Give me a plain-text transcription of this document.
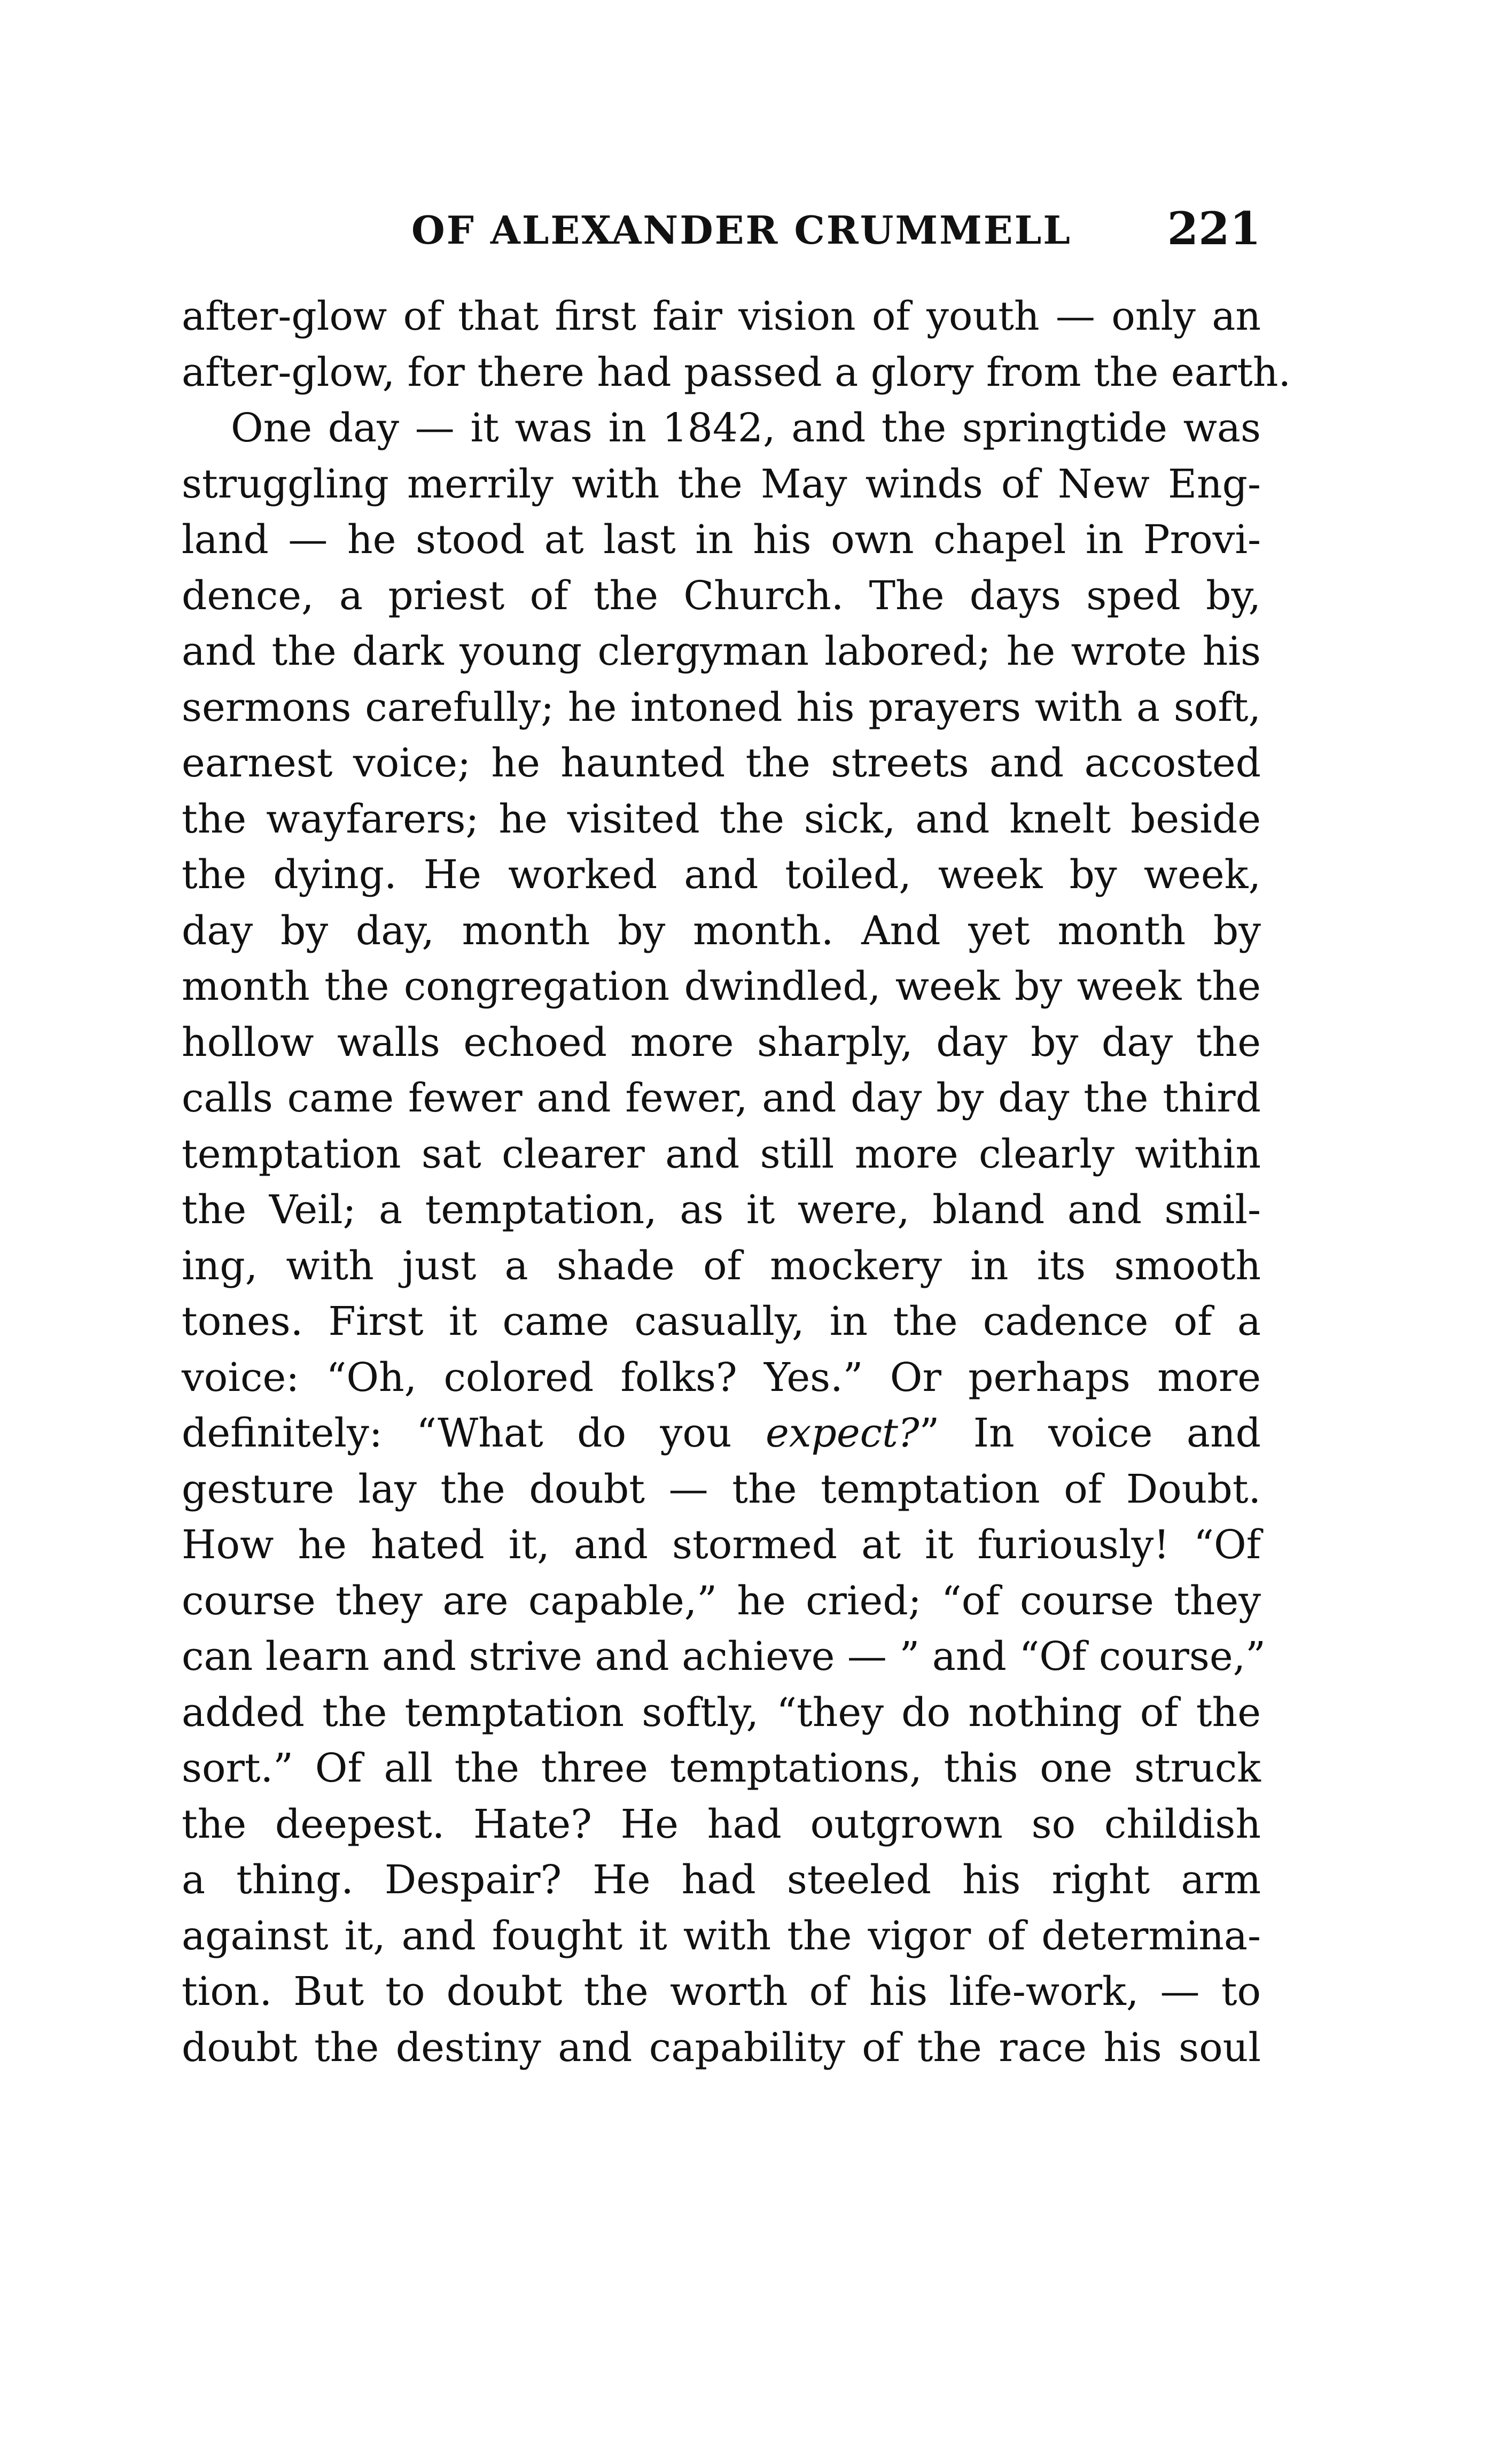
OF ALEXANDER CRUMMELL 221
after-glow of that first fair vision of youth — only an
after-glow, for there had passed a glory from the earth.
One day — it was in 1842, and the springtide was
struggling merrily with the May winds of New Eng-
land — he stood at last in his own chapel in Provi-
dence, a priest of the Church. The days sped by,
and the dark young clergyman labored; he wrote his
sermons carefully; he intoned his prayers with a soft,
earnest voice; he haunted the streets and accosted
the wayfarers; he visited the sick, and knelt beside
the dying. He worked and toiled, week by week,
day by day, month by month. And yet month by
month the congregation dwindled, week by week the
hollow walls echoed more sharply, day by day the
calls came fewer and fewer, and day by day the third
temptation sat clearer and still more clearly within
the Veil; a temptation, as it were, bland and smil-
ing, with just a shade of mockery in its smooth
tones. First it came casually, in the cadence of a
voice: “Oh, colored folks? Yes.” Or perhaps more
definitely: “What do you expect?” In voice and
gesture lay the doubt — the temptation of Doubt.
How he hated it, and stormed at it furiously! “Of
course they are capable,” he cried; “of course they
can learn and strive and achieve — ” and “Of course,”
added the temptation softly, “they do nothing of the
sort.” Of all the three temptations, this one struck
the deepest. Hate? He had outgrown so childish
a thing. Despair? He had steeled his right arm
against it, and fought it with the vigor of determina-
tion. But to doubt the worth of his life-work, — to
doubt the destiny and capability of the race his soul
